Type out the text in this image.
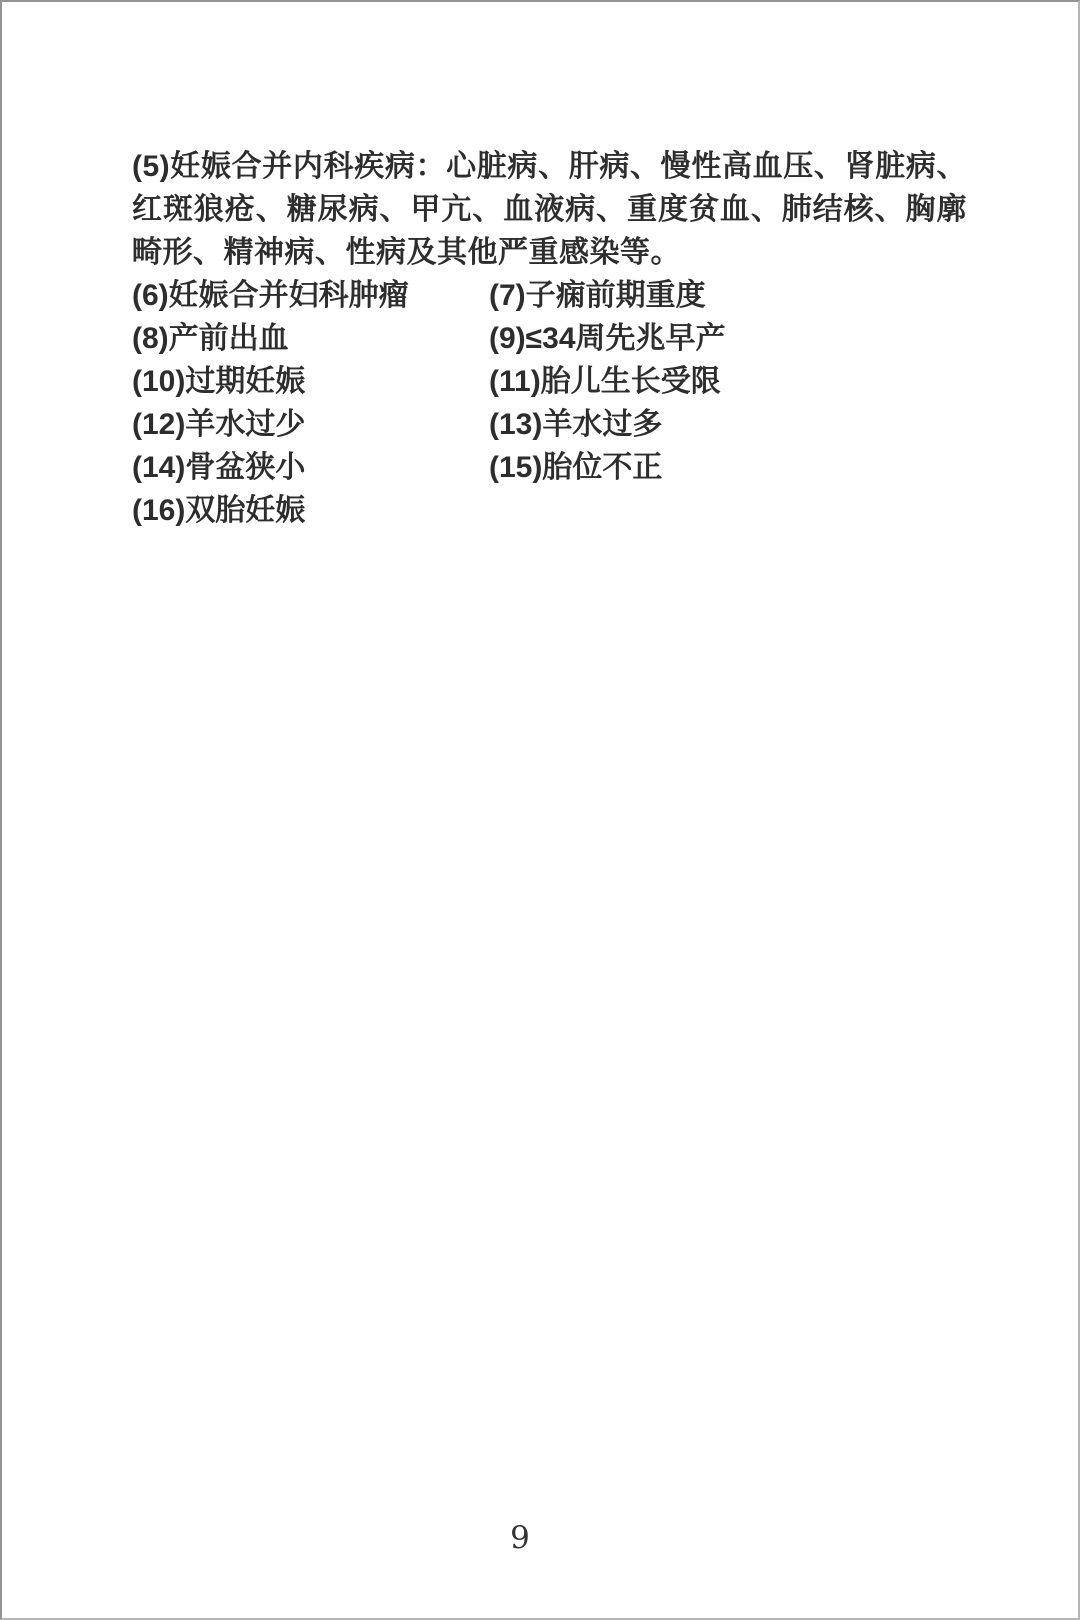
(5)妊娠合并内科疾病：心脏病、肝病、慢性高血压、肾脏病、红斑狼疮、糖尿病、甲亢、血液病、重度贫血、肺结核、胸廓畸形、精神病、性病及其他严重感染等。

(6)妊娠合并妇科肿瘤	(7)子痫前期重度
(8)产前出血	(9)≤34周先兆早产
(10)过期妊娠	(11)胎儿生长受限
(12)羊水过少	(13)羊水过多
(14)骨盆狭小	(15)胎位不正
(16)双胎妊娠
9
